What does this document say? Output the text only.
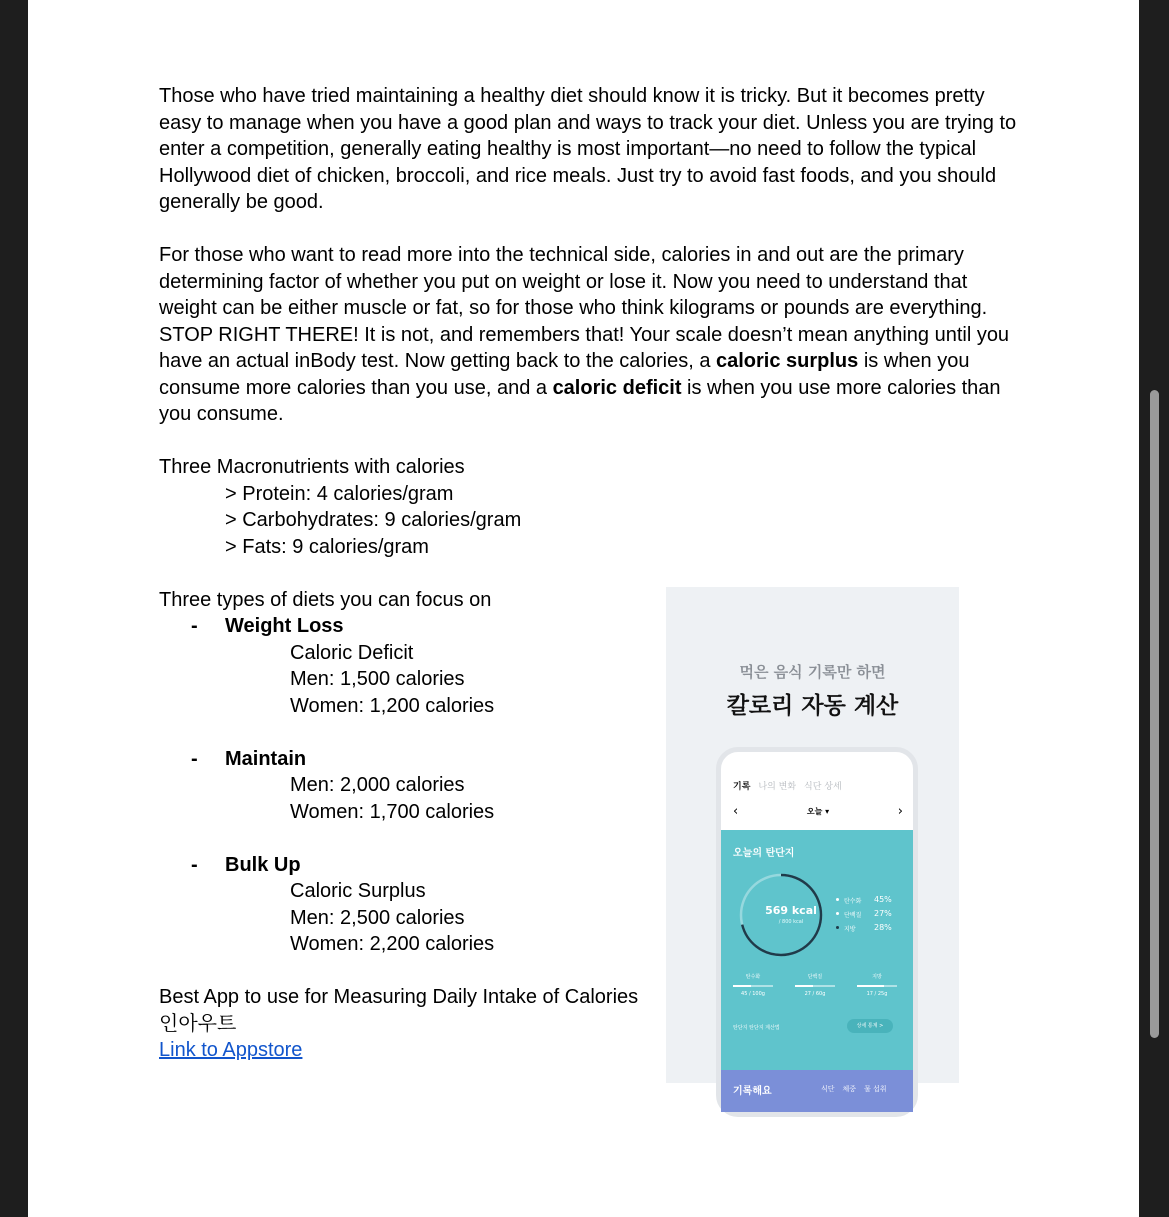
Those who have tried maintaining a healthy diet should know it is tricky. But it becomes pretty easy to manage when you have a good plan and ways to track your diet. Unless you are trying to enter a competition, generally eating healthy is most important—no need to follow the typical Hollywood diet of chicken, broccoli, and rice meals. Just try to avoid fast foods, and you should generally be good.

For those who want to read more into the technical side, calories in and out are the primary determining factor of whether you put on weight or lose it. Now you need to understand that weight can be either muscle or fat, so for those who think kilograms or pounds are everything. STOP RIGHT THERE! It is not, and remembers that! Your scale doesn’t mean anything until you have an actual inBody test. Now getting back to the calories, a caloric surplus is when you consume more calories than you use, and a caloric deficit is when you use more calories than you consume.

Three Macronutrients with calories

> Protein: 4 calories/gram

> Carbohydrates: 9 calories/gram

> Fats: 9 calories/gram

Three types of diets you can focus on

-	Weight Loss

Caloric Deficit

Men: 1,500 calories

Women: 1,200 calories

-	Maintain

Men: 2,000 calories

Women: 1,700 calories

-	Bulk Up

Caloric Surplus

Men: 2,500 calories

Women: 2,200 calories

Best App to use for Measuring Daily Intake of Calories

인아우트

Link to Appstore

먹은 음식 기록만 하면
칼로리 자동 계산
기록 나의 변화 식단 상세
‹	오늘 ▾	›
오늘의 탄단지
569 kcal
/ 800 kcal
탄수화 45%
단백질 27%
지방 28%
탄수화
45 / 100g
단백질
27 / 60g
지방
17 / 25g
탄단지 탄단지 계산법	상세 통계 >
기록해요	식단 체중 물 섭취
